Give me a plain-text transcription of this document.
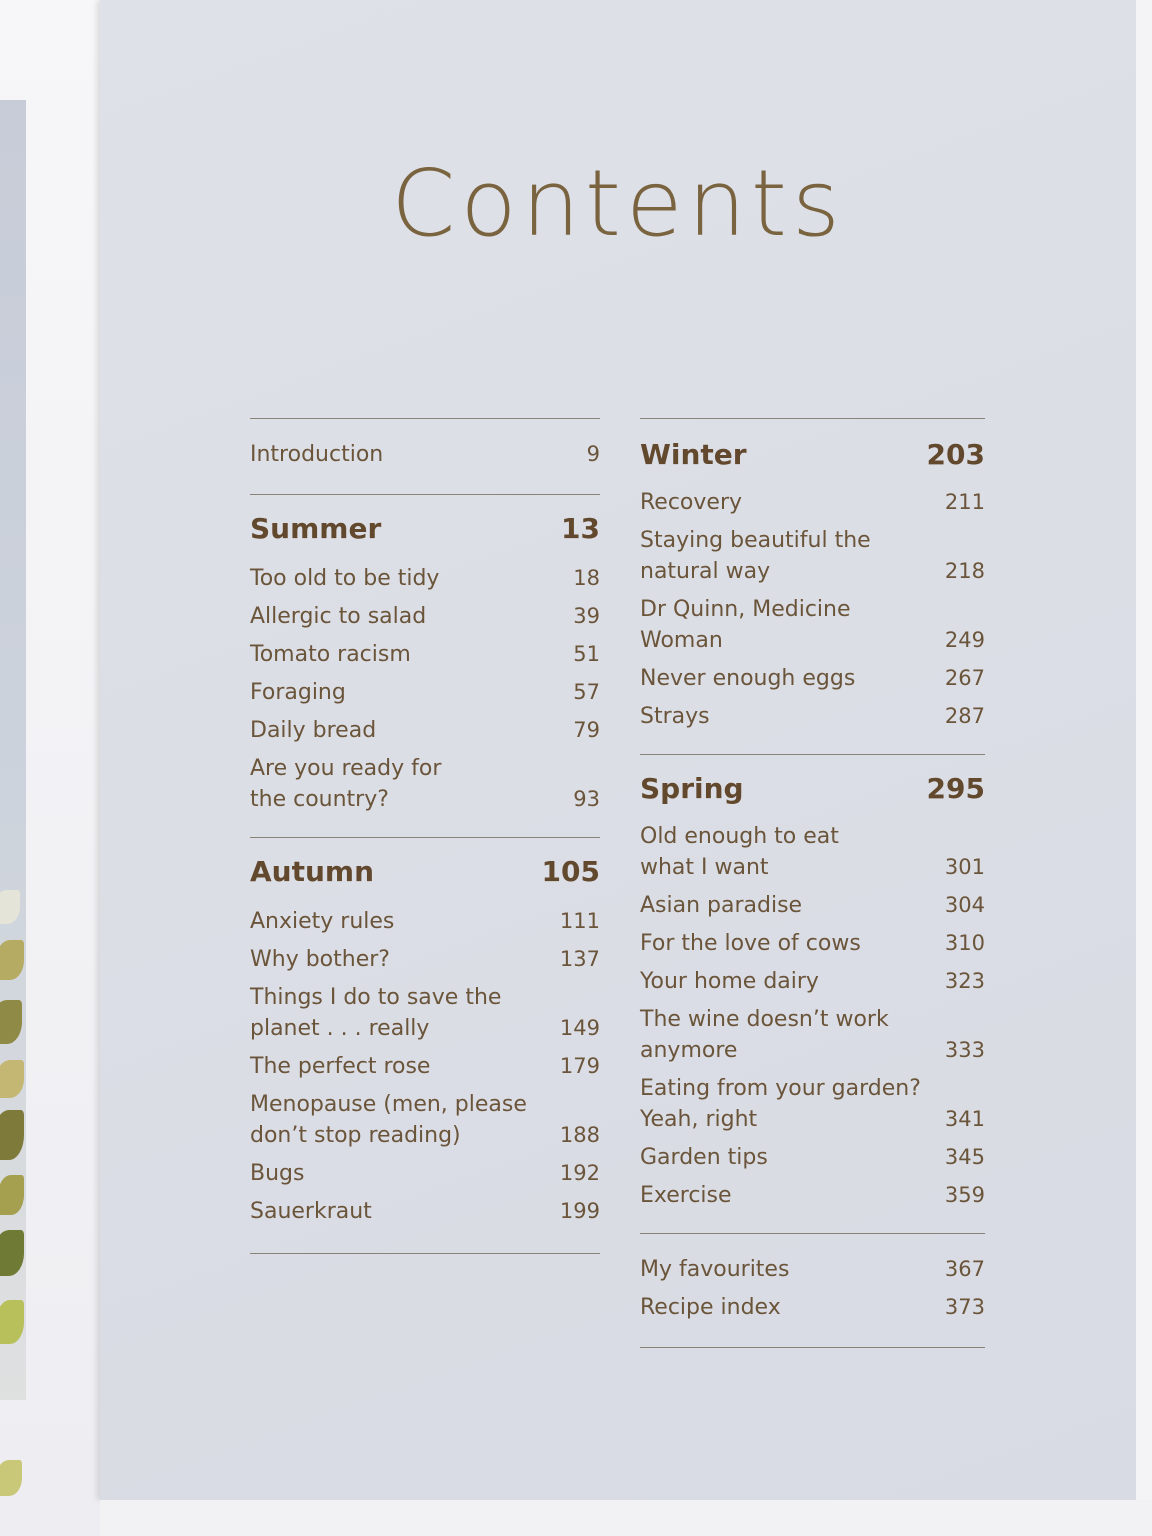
Contents
Introduction	9
Summer	13
Too old to be tidy	18
Allergic to salad	39
Tomato racism	51
Foraging	57
Daily bread	79
Are you ready for the country?	93
Autumn	105
Anxiety rules	111
Why bother?	137
Things I do to save the planet . . . really	149
The perfect rose	179
Menopause (men, please don’t stop reading)	188
Bugs	192
Sauerkraut	199
Winter	203
Recovery	211
Staying beautiful the natural way	218
Dr Quinn, Medicine Woman	249
Never enough eggs	267
Strays	287
Spring	295
Old enough to eat what I want	301
Asian paradise	304
For the love of cows	310
Your home dairy	323
The wine doesn’t work anymore	333
Eating from your garden? Yeah, right	341
Garden tips	345
Exercise	359
My favourites	367
Recipe index	373
